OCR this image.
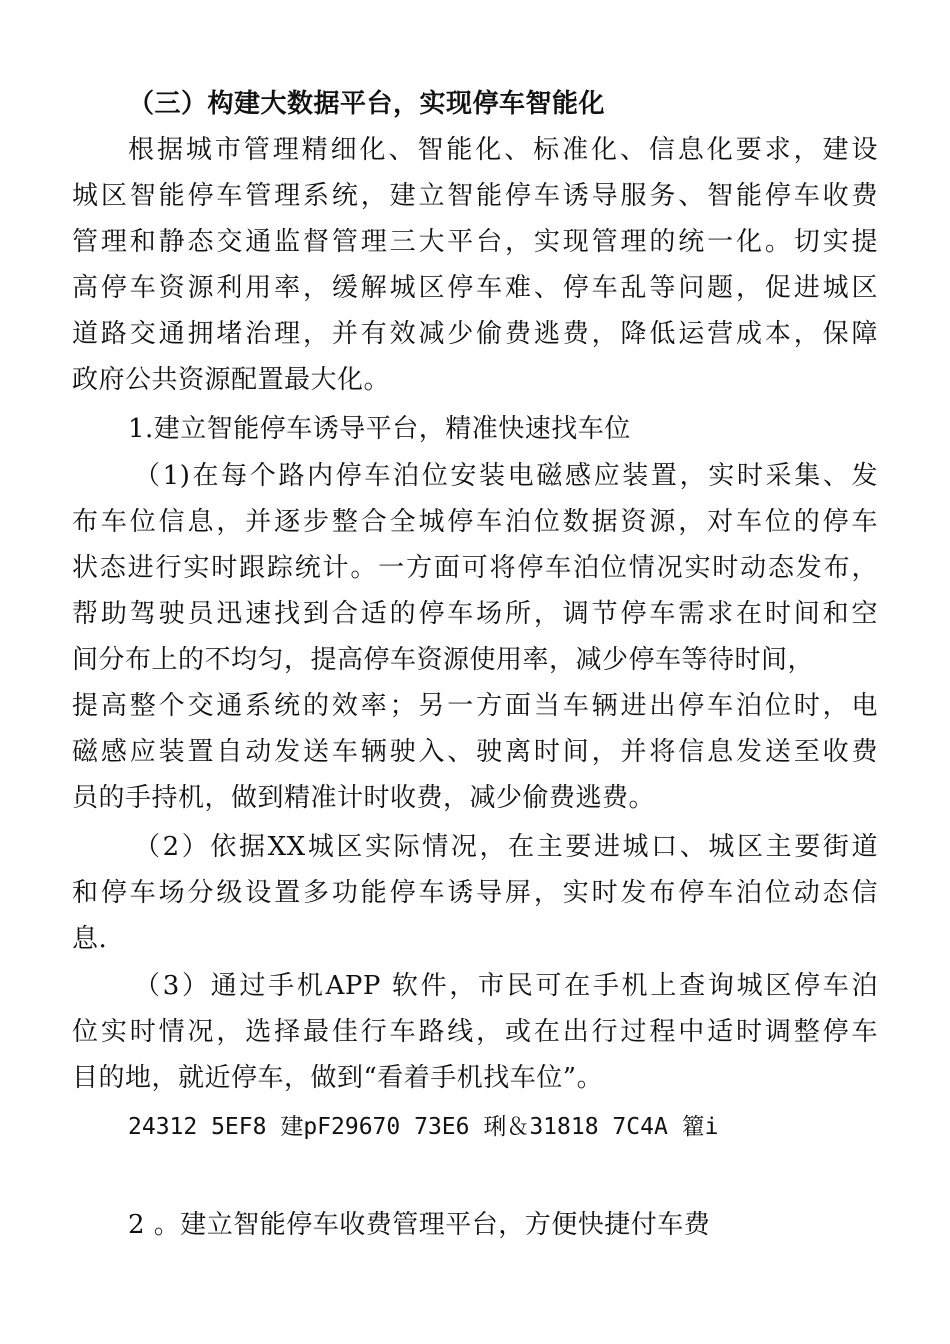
（三）构建大数据平台，实现停车智能化
根据城市管理精细化、智能化、标准化、信息化要求，建设
城区智能停车管理系统，建立智能停车诱导服务、智能停车收费
管理和静态交通监督管理三大平台，实现管理的统一化。切实提
高停车资源利用率，缓解城区停车难、停车乱等问题，促进城区
道路交通拥堵治理，并有效减少偷费逃费，降低运营成本，保障
政府公共资源配置最大化。
1.建立智能停车诱导平台，精准快速找车位
（1)在每个路内停车泊位安装电磁感应装置，实时采集、发
布车位信息，并逐步整合全城停车泊位数据资源，对车位的停车
状态进行实时跟踪统计。一方面可将停车泊位情况实时动态发布，
帮助驾驶员迅速找到合适的停车场所，调节停车需求在时间和空
间分布上的不均匀，提高停车资源使用率，减少停车等待时间，
提高整个交通系统的效率；另一方面当车辆进出停车泊位时，电
磁感应装置自动发送车辆驶入、驶离时间，并将信息发送至收费
员的手持机，做到精准计时收费，减少偷费逃费。
（2）依据XX城区实际情况，在主要进城口、城区主要街道
和停车场分级设置多功能停车诱导屏，实时发布停车泊位动态信
息.
（3）通过手机APP 软件，市民可在手机上查询城区停车泊
位实时情况，选择最佳行车路线，或在出行过程中适时调整停车
目的地，就近停车，做到“看着手机找车位”。
24312 5EF8 建pF29670 73E6 琍＆31818 7C4A 籊i
2 。建立智能停车收费管理平台，方便快捷付车费
